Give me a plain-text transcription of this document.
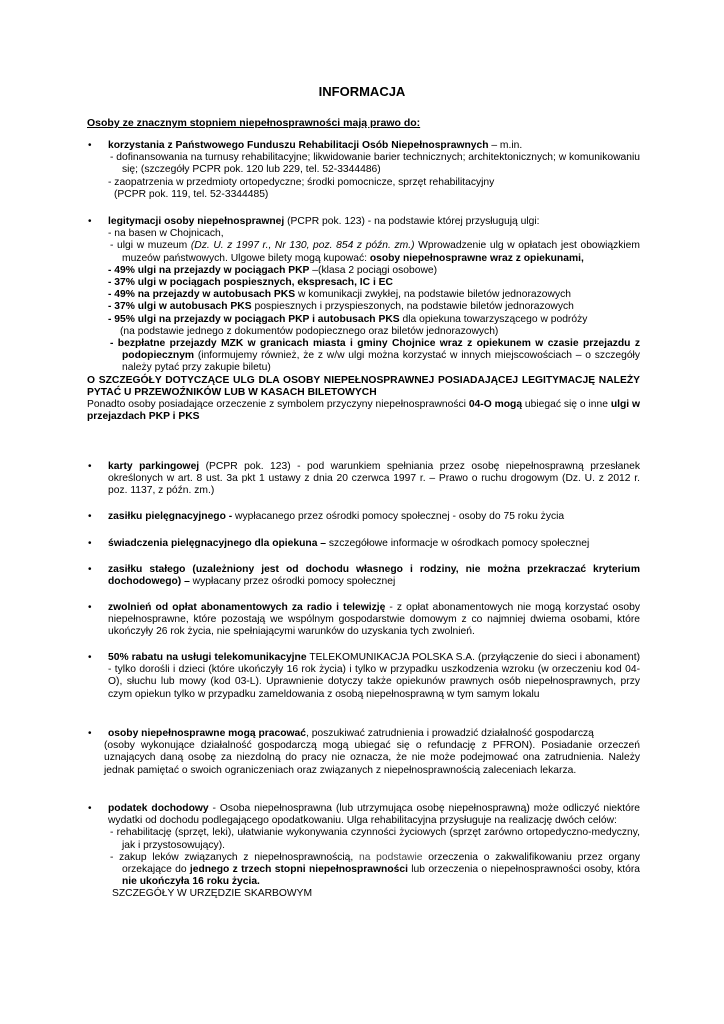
INFORMACJA
Osoby ze znacznym stopniem niepełnosprawności mają prawo do:
• korzystania z Państwowego Funduszu Rehabilitacji Osób Niepełnosprawnych – m.in.

- dofinansowania na turnusy rehabilitacyjne; likwidowanie barier technicznych; architektonicznych; w komunikowaniu się; (szczegóły PCPR pok. 120 lub 229, tel. 52-3344486)

- zaopatrzenia w przedmioty ortopedyczne; środki pomocnicze, sprzęt rehabilitacyjny

(PCPR pok. 119, tel. 52-3344485)

• legitymacji osoby niepełnosprawnej (PCPR pok. 123) - na podstawie której przysługują ulgi:

- na basen w Chojnicach,

- ulgi w muzeum (Dz. U. z 1997 r., Nr 130, poz. 854 z późn. zm.) Wprowadzenie ulg w opłatach jest obowiązkiem muzeów państwowych. Ulgowe bilety mogą kupować: osoby niepełnosprawne wraz z opiekunami,

- 49% ulgi na przejazdy w pociągach PKP –(klasa 2 pociągi osobowe)

- 37% ulgi w pociągach pospiesznych, ekspresach, IC i EC

- 49% na przejazdy w autobusach PKS w komunikacji zwykłej, na podstawie biletów jednorazowych

- 37% ulgi w autobusach PKS pospiesznych i przyspieszonych, na podstawie biletów jednorazowych

- 95% ulgi na przejazdy w pociągach PKP i autobusach PKS dla opiekuna towarzyszącego w podróży

(na podstawie jednego z dokumentów podopiecznego oraz biletów jednorazowych)

- bezpłatne przejazdy MZK w granicach miasta i gminy Chojnice wraz z opiekunem w czasie przejazdu z podopiecznym (informujemy również, że z w/w ulgi można korzystać w innych miejscowościach – o szczegóły należy pytać przy zakupie biletu)

O SZCZEGÓŁY DOTYCZĄCE ULG DLA OSOBY NIEPEŁNOSPRAWNEJ POSIADAJĄCEJ LEGITYMACJĘ NALEŻY PYTAĆ U PRZEWOŹNIKÓW LUB W KASACH BILETOWYCH

Ponadto osoby posiadające orzeczenie z symbolem przyczyny niepełnosprawności 04-O mogą ubiegać się o inne ulgi w przejazdach PKP i PKS

• karty parkingowej (PCPR pok. 123) - pod warunkiem spełniania przez osobę niepełnosprawną przesłanek określonych w art. 8 ust. 3a pkt 1 ustawy z dnia 20 czerwca 1997 r. – Prawo o ruchu drogowym (Dz. U. z 2012 r. poz. 1137, z późn. zm.)

• zasiłku pielęgnacyjnego - wypłacanego przez ośrodki pomocy społecznej - osoby do 75 roku życia

• świadczenia pielęgnacyjnego dla opiekuna – szczegółowe informacje w ośrodkach pomocy społecznej

• zasiłku stałego (uzależniony jest od dochodu własnego i rodziny, nie można przekraczać kryterium dochodowego) – wypłacany przez ośrodki pomocy społecznej

• zwolnień od opłat abonamentowych za radio i telewizję - z opłat abonamentowych nie mogą korzystać osoby niepełnosprawne, które pozostają we wspólnym gospodarstwie domowym z co najmniej dwiema osobami, które ukończyły 26 rok życia, nie spełniającymi warunków do uzyskania tych zwolnień.

• 50% rabatu na usługi telekomunikacyjne TELEKOMUNIKACJA POLSKA S.A. (przyłączenie do sieci i abonament) - tylko dorośli i dzieci (które ukończyły 16 rok życia) i tylko w przypadku uszkodzenia wzroku (w orzeczeniu kod 04-O), słuchu lub mowy (kod 03-L). Uprawnienie dotyczy także opiekunów prawnych osób niepełnosprawnych, przy czym opiekun tylko w przypadku zameldowania z osobą niepełnosprawną w tym samym lokalu

• osoby niepełnosprawne mogą pracować, poszukiwać zatrudnienia i prowadzić działalność gospodarczą

(osoby wykonujące działalność gospodarczą mogą ubiegać się o refundację z PFRON). Posiadanie orzeczeń uznających daną osobę za niezdolną do pracy nie oznacza, że nie może podejmować ona zatrudnienia. Należy jednak pamiętać o swoich ograniczeniach oraz związanych z niepełnosprawnością zaleceniach lekarza.

• podatek dochodowy - Osoba niepełnosprawna (lub utrzymująca osobę niepełnosprawną) może odliczyć niektóre wydatki od dochodu podlegającego opodatkowaniu. Ulga rehabilitacyjna przysługuje na realizację dwóch celów:

- rehabilitację (sprzęt, leki), ułatwianie wykonywania czynności życiowych (sprzęt zarówno ortopedyczno-medyczny, jak i przystosowujący).

- zakup leków związanych z niepełnosprawnością, na podstawie orzeczenia o zakwalifikowaniu przez organy orzekające do jednego z trzech stopni niepełnosprawności lub orzeczenia o niepełnosprawności osoby, która nie ukończyła 16 roku życia.

SZCZEGÓŁY W URZĘDZIE SKARBOWYM
